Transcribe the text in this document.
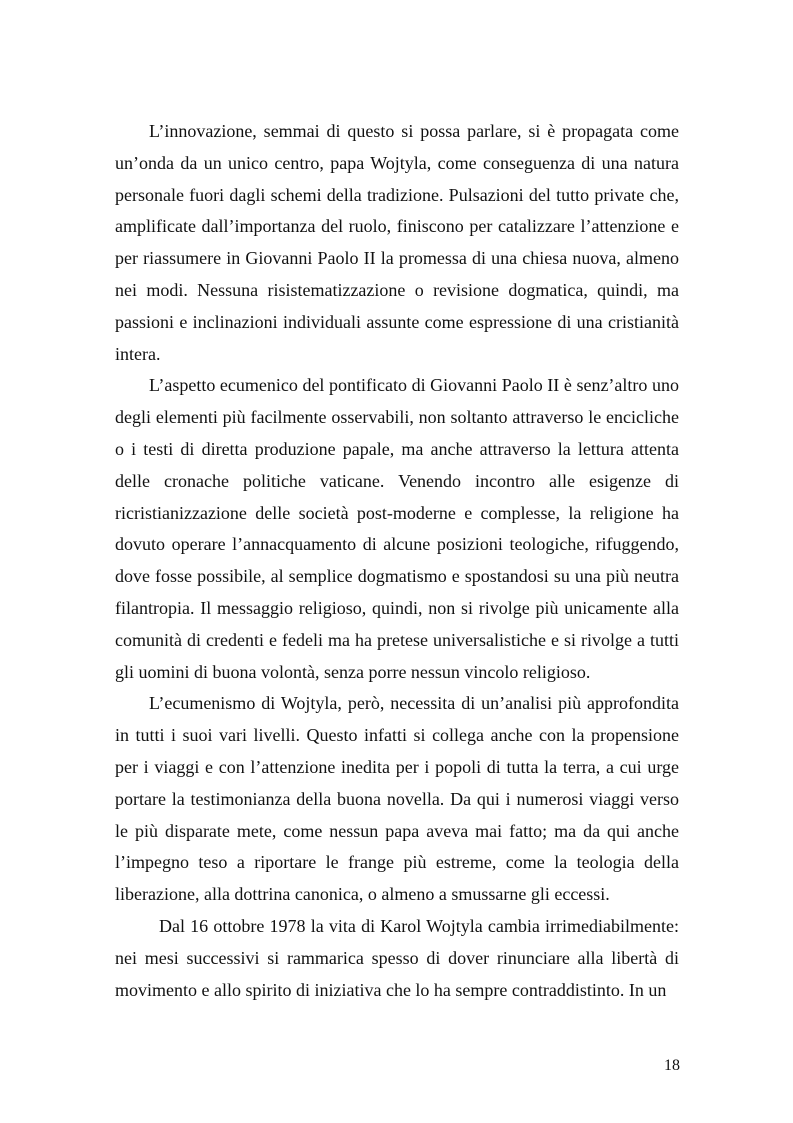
L’innovazione, semmai di questo si possa parlare, si è propagata come un’onda da un unico centro, papa Wojtyla, come conseguenza di una natura personale fuori dagli schemi della tradizione. Pulsazioni del tutto private che, amplificate dall’importanza del ruolo, finiscono per catalizzare l’attenzione e per riassumere in Giovanni Paolo II la promessa di una chiesa nuova, almeno nei modi. Nessuna risistematizzazione o revisione dogmatica, quindi, ma passioni e inclinazioni individuali assunte come espressione di una cristianità intera.

L’aspetto ecumenico del pontificato di Giovanni Paolo II è senz’altro uno degli elementi più facilmente osservabili, non soltanto attraverso le encicliche o i testi di diretta produzione papale, ma anche attraverso la lettura attenta delle cronache politiche vaticane. Venendo incontro alle esigenze di ricristianizzazione delle società post-moderne e complesse, la religione ha dovuto operare l’annacquamento di alcune posizioni teologiche, rifuggendo, dove fosse possibile, al semplice dogmatismo e spostandosi su una più neutra filantropia. Il messaggio religioso, quindi, non si rivolge più unicamente alla comunità di credenti e fedeli ma ha pretese universalistiche e si rivolge a tutti gli uomini di buona volontà, senza porre nessun vincolo religioso.

L’ecumenismo di Wojtyla, però, necessita di un’analisi più approfondita in tutti i suoi vari livelli. Questo infatti si collega anche con la propensione per i viaggi e con l’attenzione inedita per i popoli di tutta la terra, a cui urge portare la testimonianza della buona novella. Da qui i numerosi viaggi verso le più disparate mete, come nessun papa aveva mai fatto; ma da qui anche l’impegno teso a riportare le frange più estreme, come la teologia della liberazione, alla dottrina canonica, o almeno a smussarne gli eccessi.

Dal 16 ottobre 1978 la vita di Karol Wojtyla cambia irrimediabilmente: nei mesi successivi si rammarica spesso di dover rinunciare alla libertà di movimento e allo spirito di iniziativa che lo ha sempre contraddistinto. In un

18
